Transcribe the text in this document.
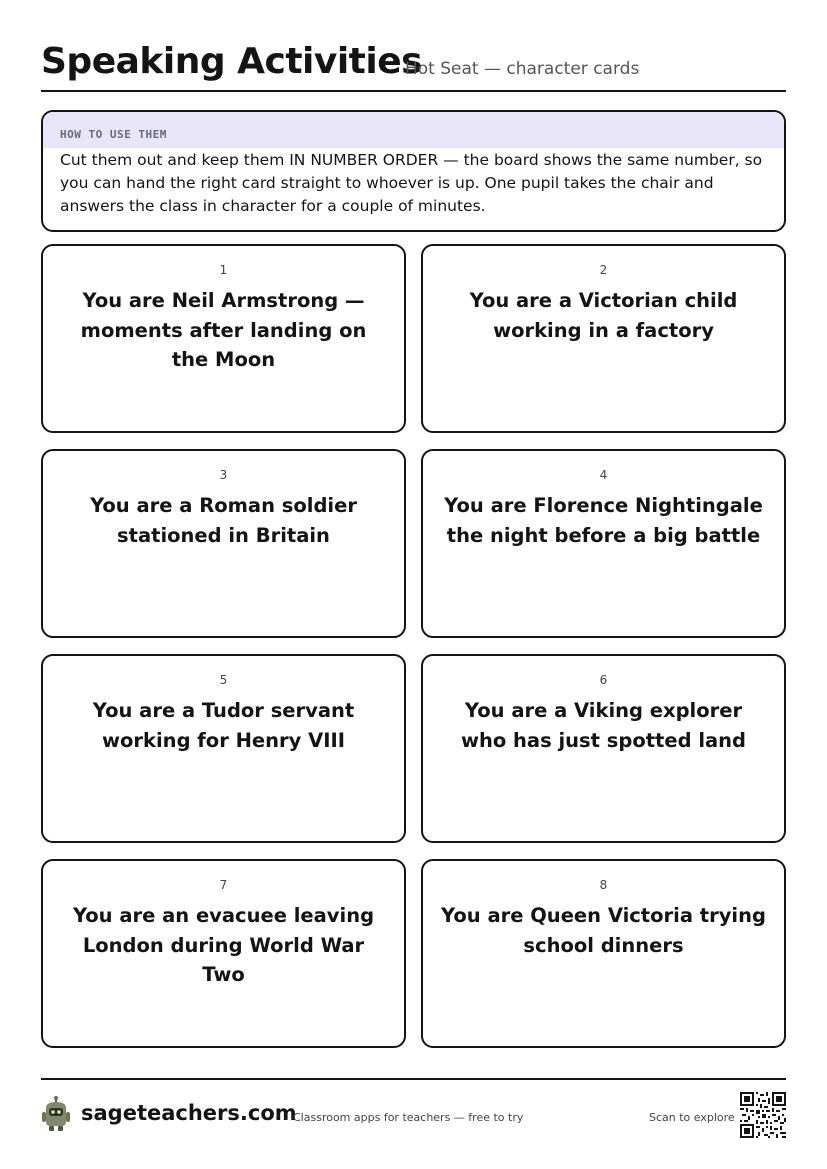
Speaking Activities
Hot Seat — character cards
HOW TO USE THEM
Cut them out and keep them IN NUMBER ORDER — the board shows the same number, so you can hand the right card straight to whoever is up. One pupil takes the chair and answers the class in character for a couple of minutes.
1
You are Neil Armstrong — moments after landing on the Moon
2
You are a Victorian child working in a factory
3
You are a Roman soldier stationed in Britain
4
You are Florence Nightingale the night before a big battle
5
You are a Tudor servant working for Henry VIII
6
You are a Viking explorer who has just spotted land
7
You are an evacuee leaving London during World War Two
8
You are Queen Victoria trying school dinners
sageteachers.com
Classroom apps for teachers — free to try	Scan to explore
